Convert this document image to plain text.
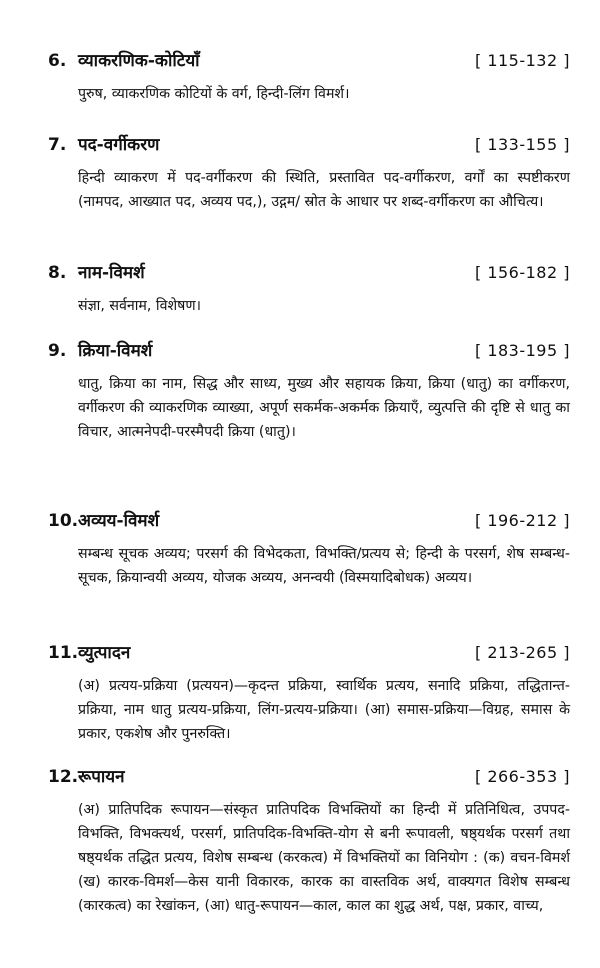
6. व्याकरणिक-कोटियाँ	[ 115-132 ]
पुरुष, व्याकरणिक कोटियों के वर्ग, हिन्दी-लिंग विमर्श।
7. पद-वर्गीकरण	[ 133-155 ]
हिन्दी व्याकरण में पद-वर्गीकरण की स्थिति, प्रस्तावित पद-वर्गीकरण, वर्गों का स्पष्टीकरण (नामपद, आख्यात पद, अव्यय पद,), उद्गम/ स्रोत के आधार पर शब्द-वर्गीकरण का औचित्य।
8. नाम-विमर्श	[ 156-182 ]
संज्ञा, सर्वनाम, विशेषण।
9. क्रिया-विमर्श	[ 183-195 ]
धातु, क्रिया का नाम, सिद्ध और साध्य, मुख्य और सहायक क्रिया, क्रिया (धातु) का वर्गीकरण, वर्गीकरण की व्याकरणिक व्याख्या, अपूर्ण सकर्मक-अकर्मक क्रियाएँ, व्युत्पत्ति की दृष्टि से धातु का विचार, आत्मनेपदी-परस्मैपदी क्रिया (धातु)।
10.अव्यय-विमर्श	[ 196-212 ]
सम्बन्ध सूचक अव्यय; परसर्ग की विभेदकता, विभक्ति/प्रत्यय से; हिन्दी के परसर्ग, शेष सम्बन्ध-सूचक, क्रियान्वयी अव्यय, योजक अव्यय, अनन्वयी (विस्मयादिबोधक) अव्यय।
11.व्युत्पादन	[ 213-265 ]
(अ) प्रत्यय-प्रक्रिया (प्रत्ययन)—कृदन्त प्रक्रिया, स्वार्थिक प्रत्यय, सनादि प्रक्रिया, तद्धितान्त-प्रक्रिया, नाम धातु प्रत्यय-प्रक्रिया, लिंग-प्रत्यय-प्रक्रिया। (आ) समास-प्रक्रिया—विग्रह, समास के प्रकार, एकशेष और पुनरुक्ति।
12.रूपायन	[ 266-353 ]
(अ) प्रातिपदिक रूपायन—संस्कृत प्रातिपदिक विभक्तियों का हिन्दी में प्रतिनिधित्व, उपपद-विभक्ति, विभक्त्यर्थ, परसर्ग, प्रातिपदिक-विभक्ति-योग से बनी रूपावली, षष्ठ्यर्थक परसर्ग तथा षष्ठ्यर्थक तद्धित प्रत्यय, विशेष सम्बन्ध (करकत्व) में विभक्तियों का विनियोग : (क) वचन-विमर्श (ख) कारक-विमर्श—केस यानी विकारक, कारक का वास्तविक अर्थ, वाक्यगत विशेष सम्बन्ध (कारकत्व) का रेखांकन, (आ) धातु-रूपायन—काल, काल का शुद्ध अर्थ, पक्ष, प्रकार, वाच्य,
